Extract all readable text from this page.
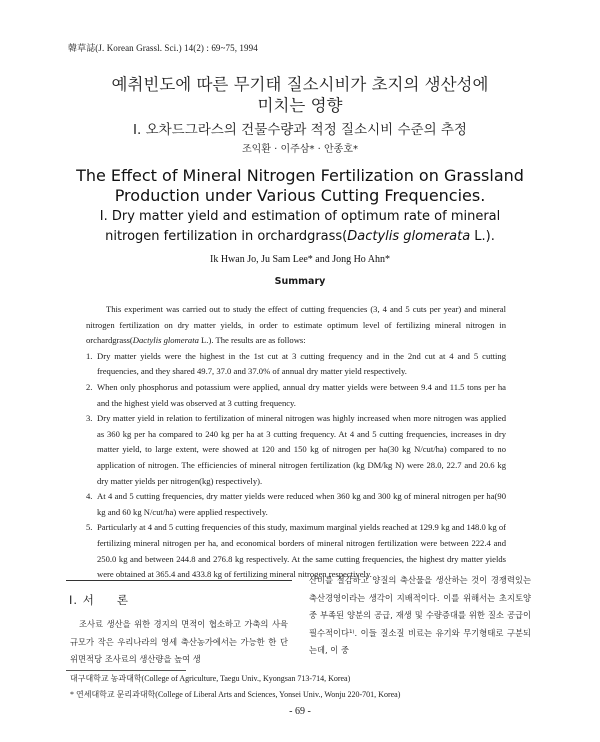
韓草誌(J. Korean Grassl. Sci.) 14(2) : 69~75, 1994
예취빈도에 따른 무기태 질소시비가 초지의 생산성에
미치는 영향
Ⅰ. 오차드그라스의 건물수량과 적정 질소시비 수준의 추정
조익환 · 이주삼* · 안종호*
The Effect of Mineral Nitrogen Fertilization on Grassland
Production under Various Cutting Frequencies.
Ⅰ. Dry matter yield and estimation of optimum rate of mineral
nitrogen fertilization in orchardgrass(Dactylis glomerata L.).
Ik Hwan Jo, Ju Sam Lee* and Jong Ho Ahn*
Summary

This experiment was carried out to study the effect of cutting frequencies (3, 4 and 5 cuts per year) and mineral nitrogen fertilization on dry matter yields, in order to estimate optimum level of fertilizing mineral nitrogen in orchardgrass(Dactylis glomerata L.). The results are as follows:

1. Dry matter yields were the highest in the 1st cut at 3 cutting frequency and in the 2nd cut at 4 and 5 cutting frequencies, and they shared 49.7, 37.0 and 37.0% of annual dry matter yield respectively.
2. When only phosphorus and potassium were applied, annual dry matter yields were between 9.4 and 11.5 tons per ha and the highest yield was observed at 3 cutting frequency.
3. Dry matter yield in relation to fertilization of mineral nitrogen was highly increased when more nitrogen was applied as 360 kg per ha compared to 240 kg per ha at 3 cutting frequency. At 4 and 5 cutting frequencies, increases in dry matter yield, to large extent, were showed at 120 and 150 kg of nitrogen per ha(30 kg N/cut/ha) compared to no application of nitrogen. The efficiencies of mineral nitrogen fertilization (kg DM/kg N) were 28.0, 22.7 and 20.6 kg dry matter yields per nitrogen(kg) respectively).
4. At 4 and 5 cutting frequencies, dry matter yields were reduced when 360 kg and 300 kg of mineral nitrogen per ha(90 kg and 60 kg N/cut/ha) were applied respectively.
5. Particularly at 4 and 5 cutting frequencies of this study, maximum marginal yields reached at 129.9 kg and 148.0 kg of fertilizing mineral nitrogen per ha, and economical borders of mineral nitrogen fertilization were between 222.4 and 250.0 kg and between 244.8 and 276.8 kg respectively. At the same cutting frequencies, the highest dry matter yields were obtained at 365.4 and 433.8 kg of fertilizing mineral nitrogen respectively.
Ⅰ. 서 론

조사료 생산을 위한 경지의 면적이 협소하고 가축의 사육규모가 작은 우리나라의 영세 축산농가에서는 가능한 한 단위면적당 조사료의 생산량을 높여 생

산비를 절감하고 양질의 축산물을 생산하는 것이 경쟁력있는 축산경영이라는 생각이 지배적이다. 이를 위해서는 초지토양 중 부족된 양분의 공급, 재생 및 수량증대를 위한 질소 공급이 필수적이다¹⁾. 이들 질소질 비료는 유기와 무기형태로 구분되는데, 이 중

대구대학교 농과대학(College of Agriculture, Taegu Univ., Kyongsan 713-714, Korea)
* 연세대학교 문리과대학(College of Liberal Arts and Sciences, Yonsei Univ., Wonju 220-701, Korea)
- 69 -
